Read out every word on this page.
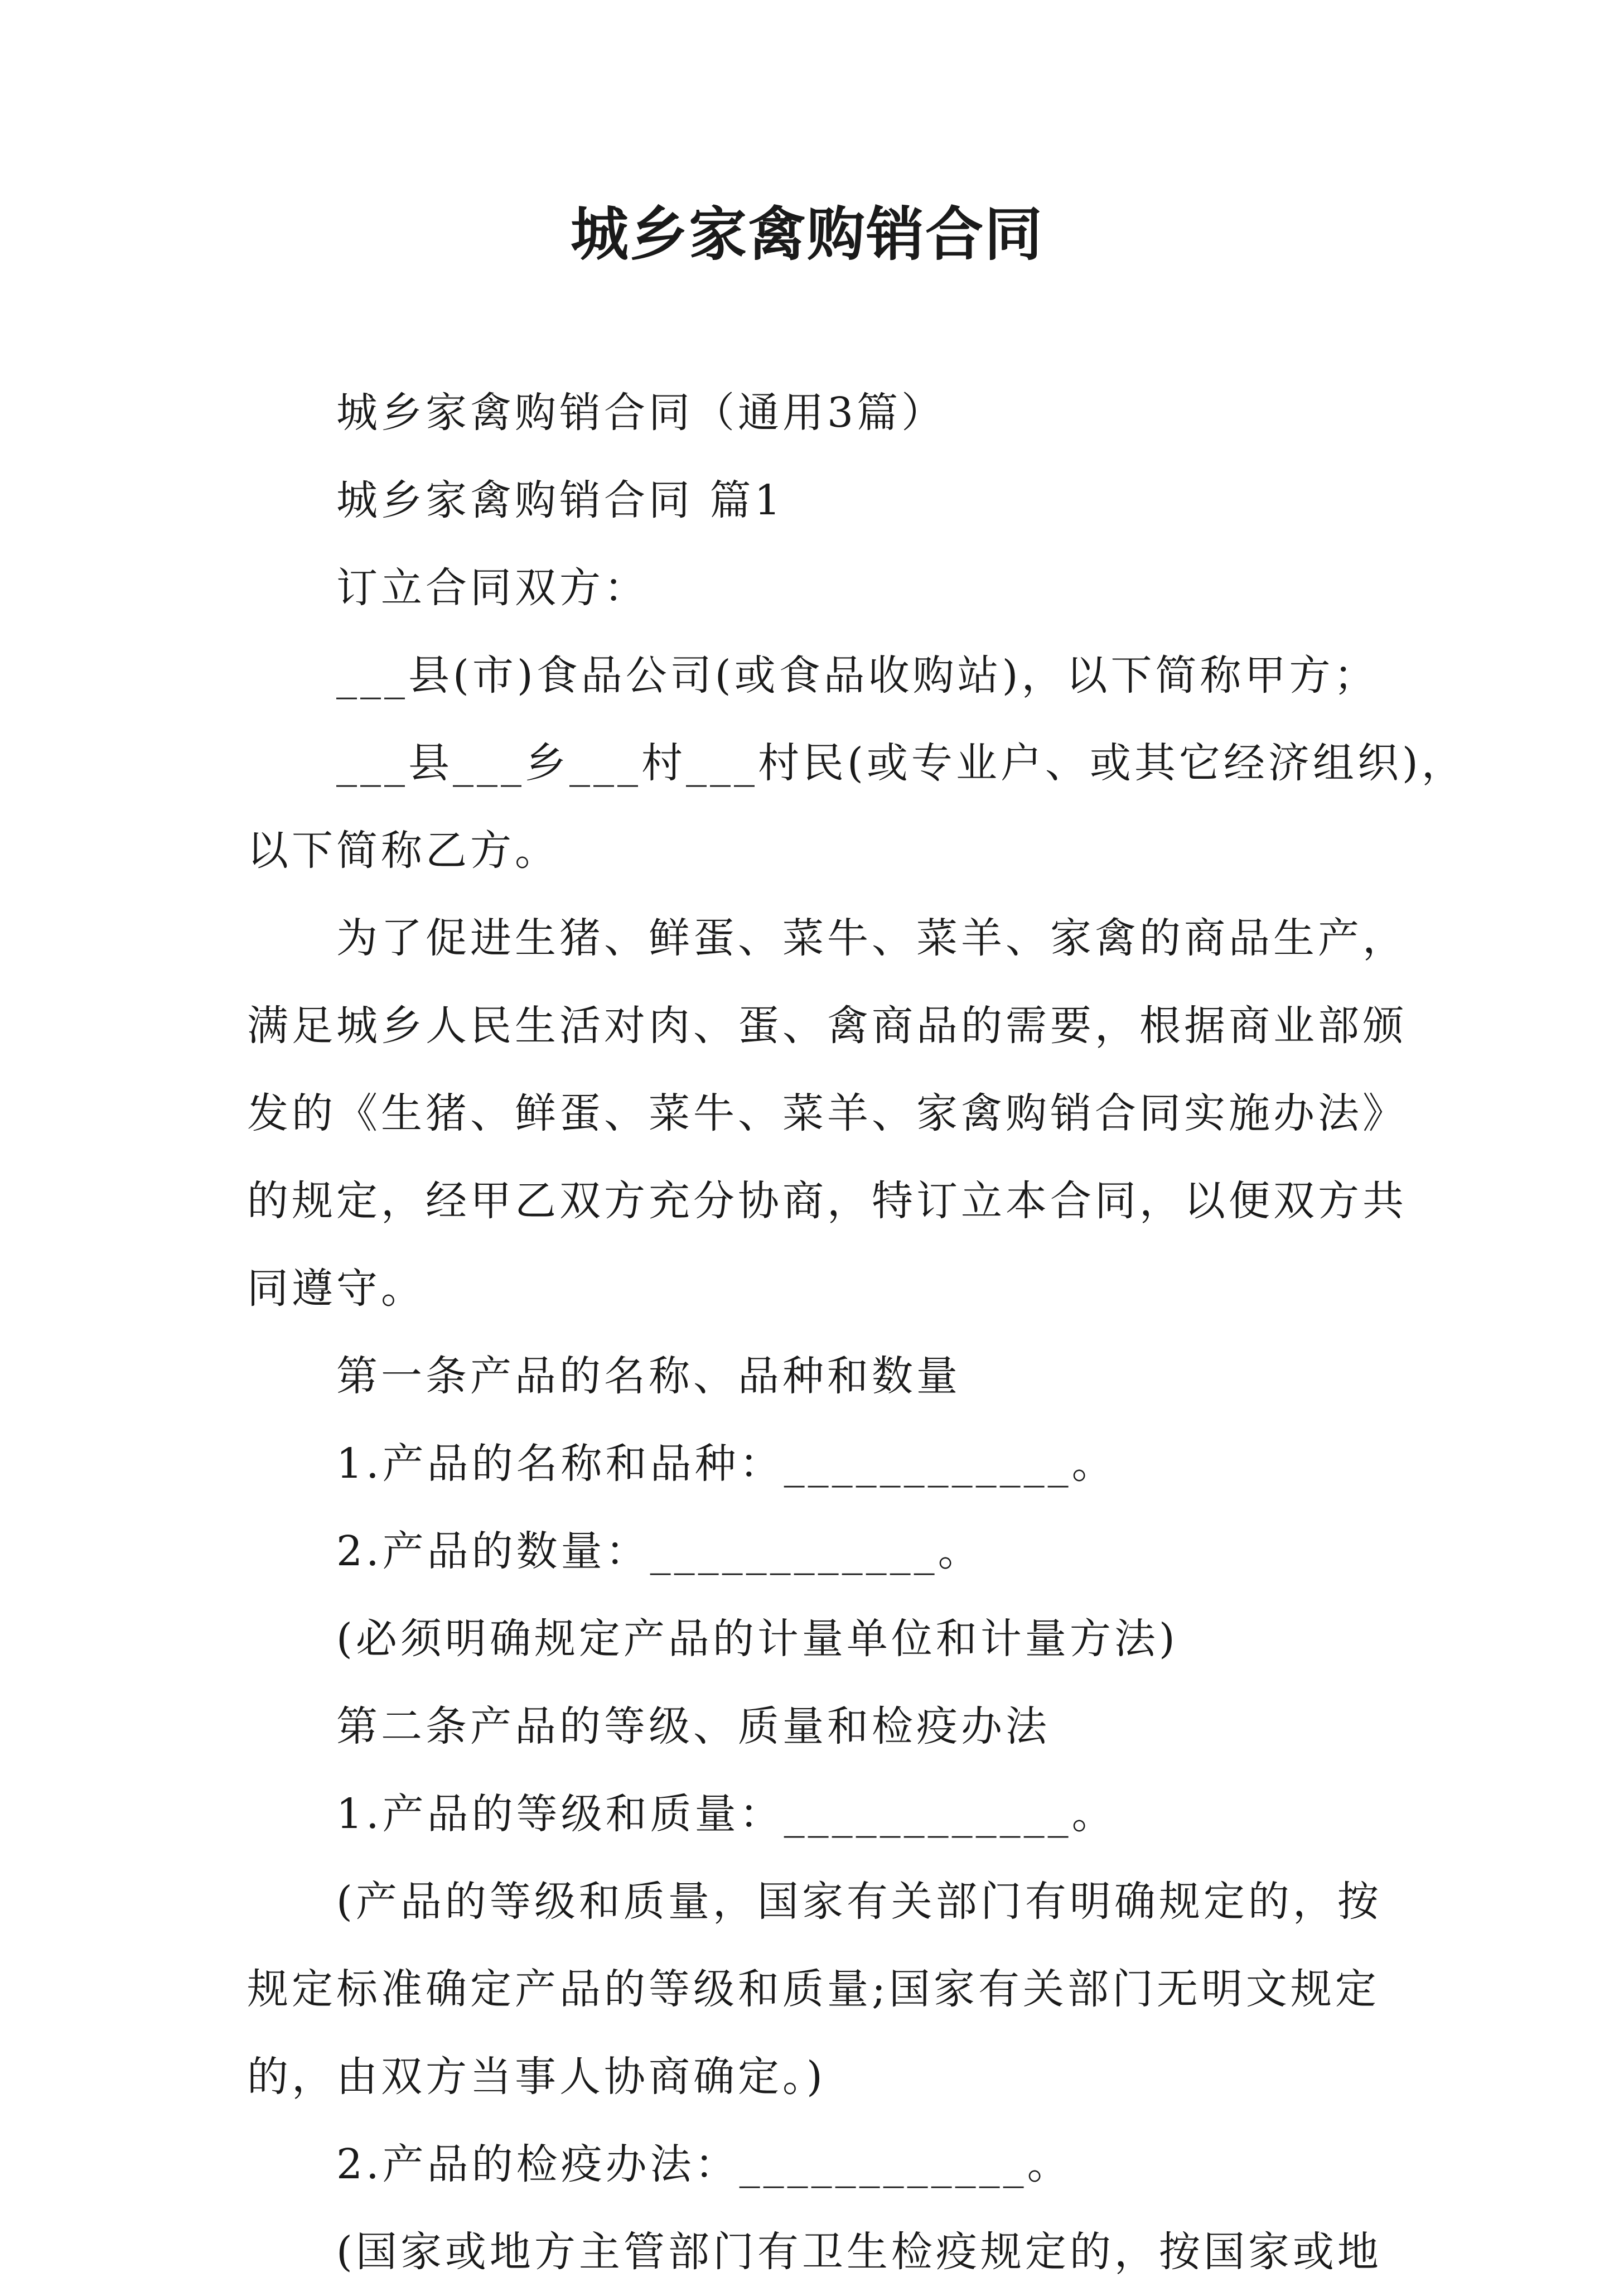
城乡家禽购销合同

城乡家禽购销合同（通用3篇）

城乡家禽购销合同 篇1

订立合同双方：

___县(市)食品公司(或食品收购站)，以下简称甲方；

___县___乡___村___村民(或专业户、或其它经济组织)，

以下简称乙方。

为了促进生猪、鲜蛋、菜牛、菜羊、家禽的商品生产，

满足城乡人民生活对肉、蛋、禽商品的需要，根据商业部颁

发的《生猪、鲜蛋、菜牛、菜羊、家禽购销合同实施办法》

的规定，经甲乙双方充分协商，特订立本合同，以便双方共

同遵守。

第一条产品的名称、品种和数量

1.产品的名称和品种：____________。

2.产品的数量：____________。

(必须明确规定产品的计量单位和计量方法)

第二条产品的等级、质量和检疫办法

1.产品的等级和质量：____________。

(产品的等级和质量，国家有关部门有明确规定的，按

规定标准确定产品的等级和质量;国家有关部门无明文规定

的，由双方当事人协商确定。)

2.产品的检疫办法：____________。

(国家或地方主管部门有卫生检疫规定的，按国家或地
